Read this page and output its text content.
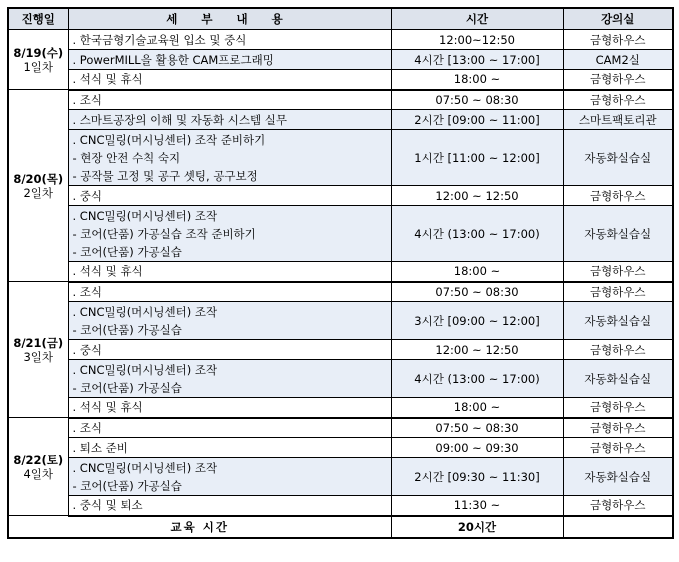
진행일	세 부 내 용	시간	강의실

8/19(수)
1일차	. 한국금형기술교육원 입소 및 중식	12:00~12:50	금형하우스

	. PowerMILL을 활용한 CAM프로그래밍	4시간 [13:00 ~ 17:00]	CAM2실

	. 석식 및 휴식	18:00 ~	금형하우스

8/20(목)
2일차	. 조식	07:50 ~ 08:30	금형하우스

	. 스마트공장의 이해 및 자동화 시스템 실무	2시간 [09:00 ~ 11:00]	스마트팩토리관

	. CNC밀링(머시닝센터) 조작 준비하기
- 현장 안전 수칙 숙지
- 공작물 고정 및 공구 셋팅, 공구보정	1시간 [11:00 ~ 12:00]	자동화실습실

	. 중식	12:00 ~ 12:50	금형하우스

	. CNC밀링(머시닝센터) 조작
- 코어(단품) 가공실습 조작 준비하기
- 코어(단품) 가공실습	4시간 (13:00 ~ 17:00)	자동화실습실

	. 석식 및 휴식	18:00 ~	금형하우스

8/21(금)
3일차	. 조식	07:50 ~ 08:30	금형하우스

	. CNC밀링(머시닝센터) 조작
- 코어(단품) 가공실습	3시간 [09:00 ~ 12:00]	자동화실습실

	. 중식	12:00 ~ 12:50	금형하우스

	. CNC밀링(머시닝센터) 조작
- 코어(단품) 가공실습	4시간 (13:00 ~ 17:00)	자동화실습실

	. 석식 및 휴식	18:00 ~	금형하우스

8/22(토)
4일차	. 조식	07:50 ~ 08:30	금형하우스

	. 퇴소 준비	09:00 ~ 09:30	금형하우스

	. CNC밀링(머시닝센터) 조작
- 코어(단품) 가공실습	2시간 [09:30 ~ 11:30]	자동화실습실

	. 중식 및 퇴소	11:30 ~	금형하우스
교육 시간		20시간	
